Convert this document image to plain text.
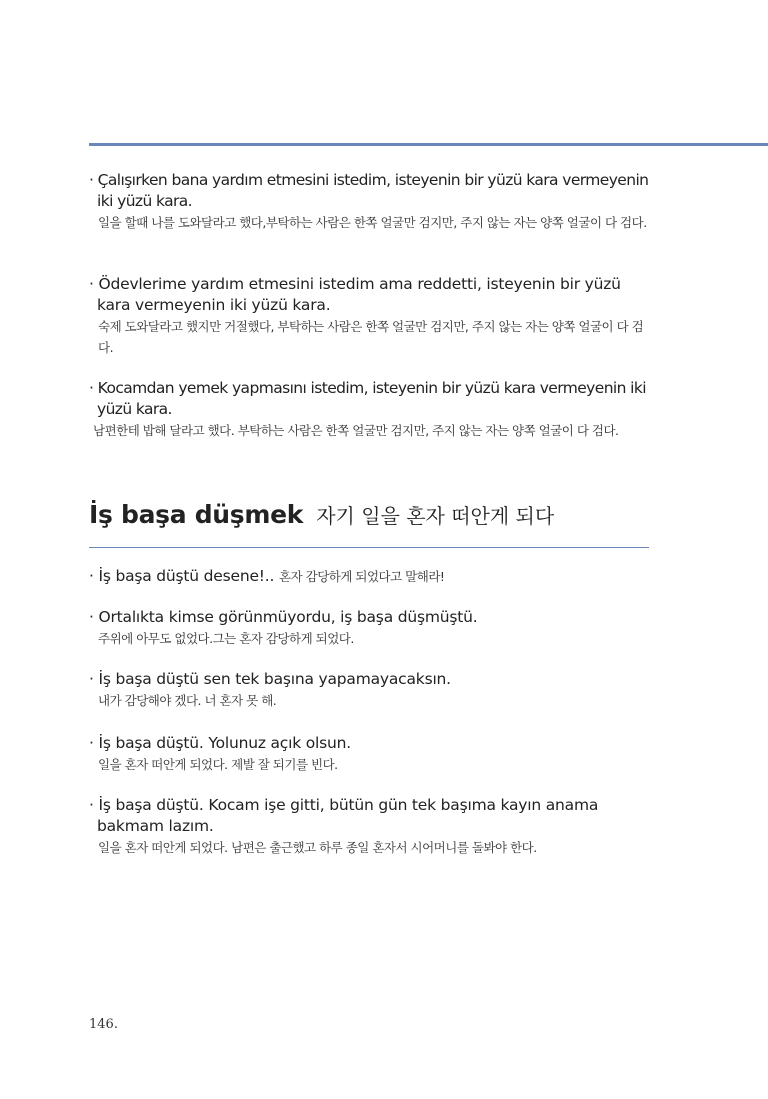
· Çalışırken bana yardım etmesini istedim, isteyenin bir yüzü kara vermeyenin iki yüzü kara.
일을 할때 나를 도와달라고 했다,부탁하는 사람은 한쪽 얼굴만 검지만, 주지 않는 자는 양쪽 얼굴이 다 검다.
· Ödevlerime yardım etmesini istedim ama reddetti, isteyenin bir yüzü kara vermeyenin iki yüzü kara.
숙제 도와달라고 했지만 거절했다, 부탁하는 사람은 한쪽 얼굴만 검지만, 주지 않는 자는 양쪽 얼굴이 다 검다.
· Kocamdan yemek yapmasını istedim, isteyenin bir yüzü kara vermeyenin iki yüzü kara.
남편한테 밥해 달라고 했다. 부탁하는 사람은 한쪽 얼굴만 검지만, 주지 않는 자는 양쪽 얼굴이 다 검다.
İş başa düşmek 자기 일을 혼자 떠안게 되다
· İş başa düştü desene!.. 혼자 감당하게 되었다고 말해라!
· Ortalıkta kimse görünmüyordu, iş başa düşmüştü.
주위에 아무도 없었다.그는 혼자 감당하게 되었다.
· İş başa düştü sen tek başına yapamayacaksın.
내가 감당해야 겠다. 너 혼자 못 해.
· İş başa düştü. Yolunuz açık olsun.
일을 혼자 떠안게 되었다. 제발 잘 되기를 빈다.
· İş başa düştü. Kocam işe gitti, bütün gün tek başıma kayın anama bakmam lazım.
일을 혼자 떠안게 되었다. 남편은 출근했고 하루 종일 혼자서 시어머니를 돌봐야 한다.
146.
